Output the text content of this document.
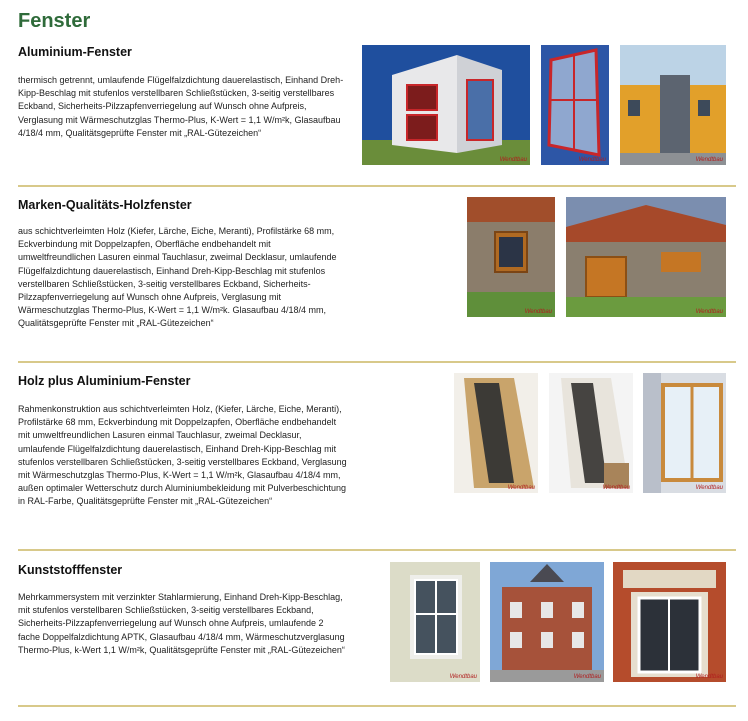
Fenster
Aluminium-Fenster

thermisch getrennt, umlaufende Flügelfalzdichtung dauerelastisch, Einhand Dreh-Kipp-Beschlag mit stufenlos verstellbaren Schließstücken, 3-seitig verstellbares Eckband, Sicherheits-Pilzzapfenverriegelung auf Wunsch ohne Aufpreis, Verglasung mit Wärmeschutzglas Thermo-Plus, K-Wert = 1,1 W/m²k, Glasaufbau 4/18/4 mm, Qualitätsgeprüfte Fenster mit „RAL-Gütezeichen“

Wendtbau	Wendtbau	Wendtbau
Marken-Qualitäts-Holzfenster

aus schichtverleimten Holz (Kiefer, Lärche, Eiche, Meranti), Profilstärke 68 mm, Eckverbindung mit Doppelzapfen, Oberfläche endbehandelt mit umweltfreundlichen Lasuren einmal Tauchlasur, zweimal Decklasur, umlaufende Flügelfalzdichtung dauerelastisch, Einhand Dreh-Kipp-Beschlag mit stufenlos verstellbaren Schließstücken, 3-seitig verstellbares Eckband, Sicherheits-Pilzzapfenverriegelung auf Wunsch ohne Aufpreis, Verglasung mit Wärmeschutzglas Thermo-Plus, K-Wert = 1,1 W/m²k. Glasaufbau 4/18/4 mm, Qualitätsgeprüfte Fenster mit „RAL-Gütezeichen“

Wendtbau	Wendtbau
Holz plus Aluminium-Fenster

Rahmenkonstruktion aus schichtverleimten Holz, (Kiefer, Lärche, Eiche, Meranti), Profilstärke 68 mm, Eckverbindung mit Doppelzapfen, Oberfläche endbehandelt mit umweltfreundlichen Lasuren einmal Tauchlasur, zweimal Decklasur, umlaufende Flügelfalzdichtung dauerelastisch, Einhand Dreh-Kipp-Beschlag mit stufenlos verstellbaren Schließstücken, 3-seitig verstellbares Eckband, Verglasung mit Wärmeschutzglas Thermo-Plus, K-Wert = 1,1 W/m²k, Glasaufbau 4/18/4 mm, außen optimaler Wetterschutz durch Aluminiumbekleidung mit Pulverbeschichtung in RAL-Farbe, Qualitätsgeprüfte Fenster mit „RAL-Gütezeichen“

Wendtbau	Wendtbau	Wendtbau
Kunststofffenster

Mehrkammersystem mit verzinkter Stahlarmierung, Einhand Dreh-Kipp-Beschlag, mit stufenlos verstellbaren Schließstücken, 3-seitig verstellbares Eckband, Sicherheits-Pilzzapfenverriegelung auf Wunsch ohne Aufpreis, umlaufende 2 fache Doppelfalzdichtung APTK, Glasaufbau 4/18/4 mm, Wärmeschutzverglasung Thermo-Plus, k-Wert 1,1 W/m²k, Qualitätsgeprüfte Fenster mit „RAL-Gütezeichen“

Wendtbau	Wendtbau	Wendtbau
